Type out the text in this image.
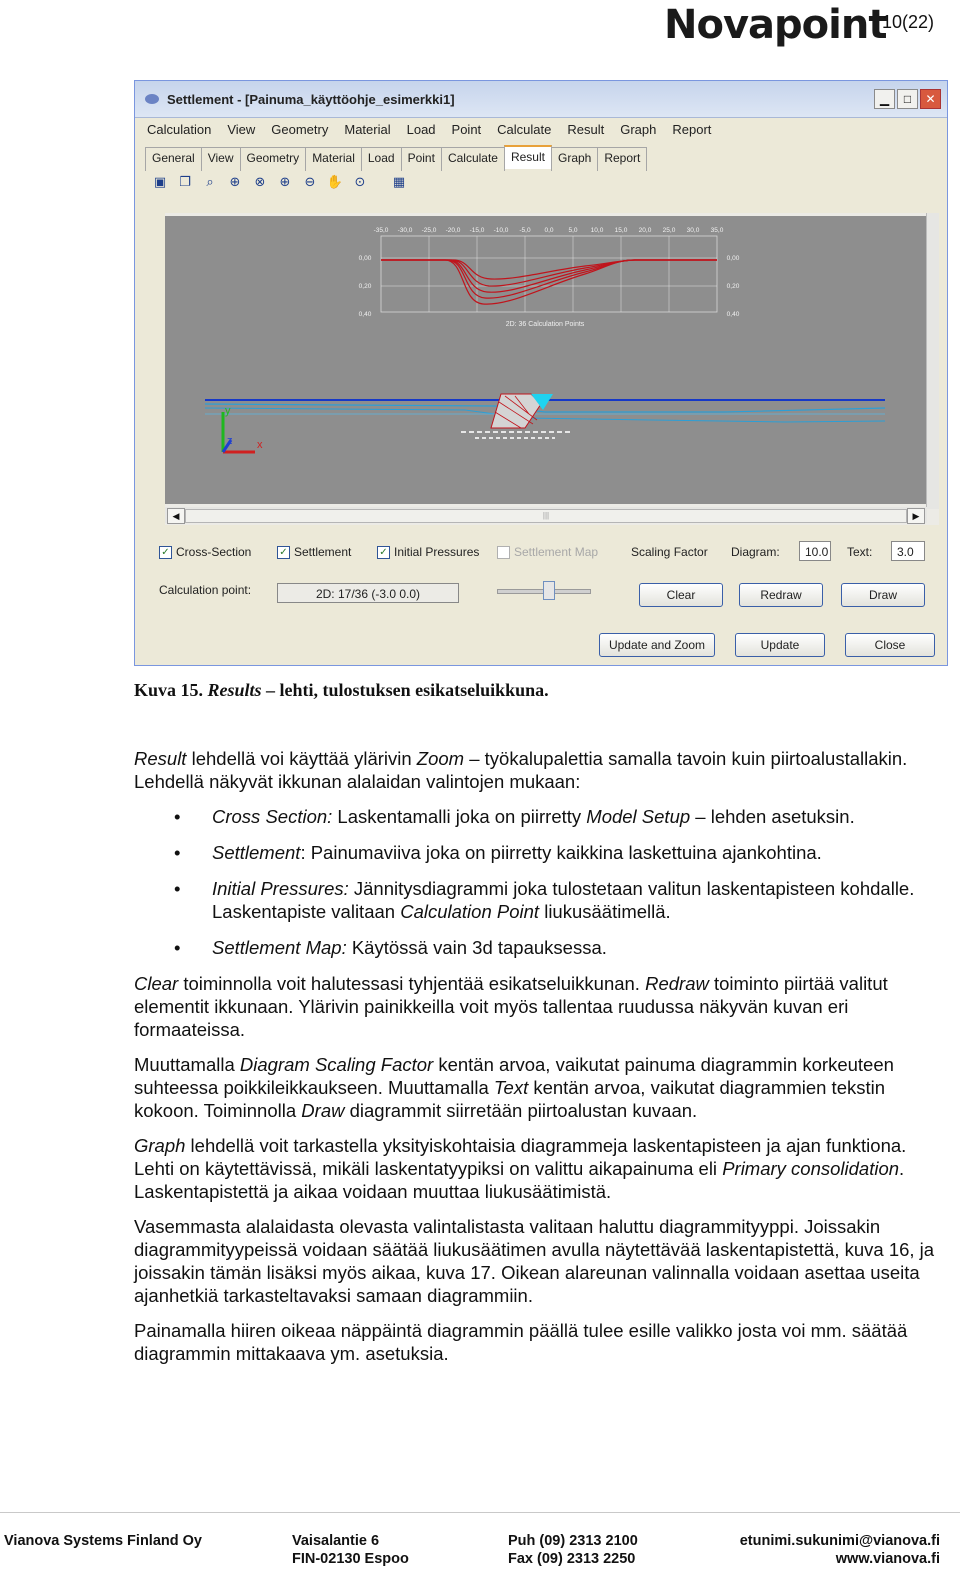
Novapoint
10(22)
Settlement - [Painuma_käyttöohje_esimerkki1]	▁	□	✕
Calculation View Geometry Material Load Point Calculate Result Graph Report
General	View	Geometry	Material	Load	Point	Calculate	Result	Graph	Report
▣ ❐	⌕	⊕ ⊗ ⊕ ⊖ ✋ ⊙ ▦
-35,0 -30,0 -25,0 -20,0 -15,0 -10,0 -5,0 0,0 5,0 10,0 15,0 20,0 25,0 30,0 35,0
0,00	0,00
0,20	0,20
0,40	0,40
2D: 36 Calculation Points
y
z x
◀	|||	▶
✓ Cross-Section	✓ Settlement	✓ Initial Pressures	Settlement Map	Scaling Factor Diagram:	10.0 Text:	3.0
Calculation point:	2D: 17/36 (-3.0 0.0)	Clear	Redraw	Draw
Update and Zoom	Update	Close
Kuva 15. Results – lehti, tulostuksen esikatseluikkuna.

Result lehdellä voi käyttää ylärivin Zoom – työkalupalettia samalla tavoin kuin piirtoalustallakin. Lehdellä näkyvät ikkunan alalaidan valintojen mukaan:

• Cross Section: Laskentamalli joka on piirretty Model Setup – lehden asetuksin.
• Settlement: Painumaviiva joka on piirretty kaikkina laskettuina ajankohtina.
• Initial Pressures: Jännitysdiagrammi joka tulostetaan valitun laskentapisteen kohdalle. Laskentapiste valitaan Calculation Point liukusäätimellä.
• Settlement Map: Käytössä vain 3d tapauksessa.

Clear toiminnolla voit halutessasi tyhjentää esikatseluikkunan. Redraw toiminto piirtää valitut elementit ikkunaan. Ylärivin painikkeilla voit myös tallentaa ruudussa näkyvän kuvan eri formaateissa.

Muuttamalla Diagram Scaling Factor kentän arvoa, vaikutat painuma diagrammin korkeuteen suhteessa poikkileikkaukseen. Muuttamalla Text kentän arvoa, vaikutat diagrammien tekstin kokoon. Toiminnolla Draw diagrammit siirretään piirtoalustan kuvaan.

Graph lehdellä voit tarkastella yksityiskohtaisia diagrammeja laskentapisteen ja ajan funktiona. Lehti on käytettävissä, mikäli laskentatyypiksi on valittu aikapainuma eli Primary consolidation. Laskentapistettä ja aikaa voidaan muuttaa liukusäätimistä.

Vasemmasta alalaidasta olevasta valintalistasta valitaan haluttu diagrammityyppi. Joissakin diagrammityypeissä voidaan säätää liukusäätimen avulla näytettävää laskentapistettä, kuva 16, ja joissakin tämän lisäksi myös aikaa, kuva 17. Oikean alareunan valinnalla voidaan asettaa useita ajanhetkiä tarkasteltavaksi samaan diagrammiin.

Painamalla hiiren oikeaa näppäintä diagrammin päällä tulee esille valikko josta voi mm. säätää diagrammin mittakaava ym. asetuksia.

Vianova Systems Finland Oy	Vaisalantie 6
FIN-02130 Espoo
Puh (09) 2313 2100
Fax (09) 2313 2250
etunimi.sukunimi@vianova.fi
www.vianova.fi
